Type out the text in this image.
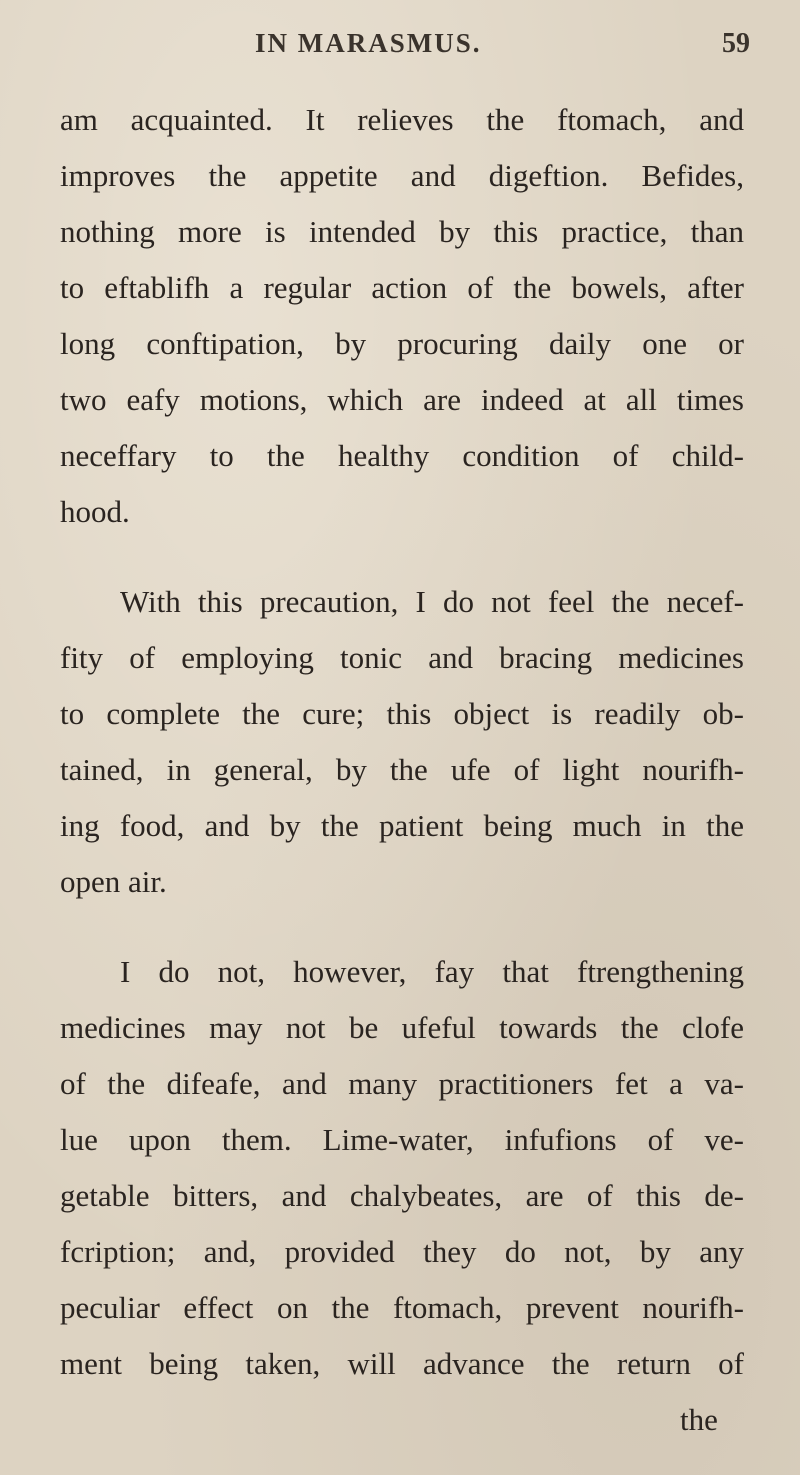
IN MARASMUS.	59
am acquainted. It relieves the ftomach, and
improves the appetite and digeftion. Befides,
nothing more is intended by this practice, than
to eftablifh a regular action of the bowels, after
long conftipation, by procuring daily one or
two eafy motions, which are indeed at all times
neceffary to the healthy condition of child-
hood.
With this precaution, I do not feel the necef-
fity of employing tonic and bracing medicines
to complete the cure; this object is readily ob-
tained, in general, by the ufe of light nourifh-
ing food, and by the patient being much in the
open air.
I do not, however, fay that ftrengthening
medicines may not be ufeful towards the clofe
of the difeafe, and many practitioners fet a va-
lue upon them. Lime-water, infufions of ve-
getable bitters, and chalybeates, are of this de-
fcription; and, provided they do not, by any
peculiar effect on the ftomach, prevent nourifh-
ment being taken, will advance the return of
the
